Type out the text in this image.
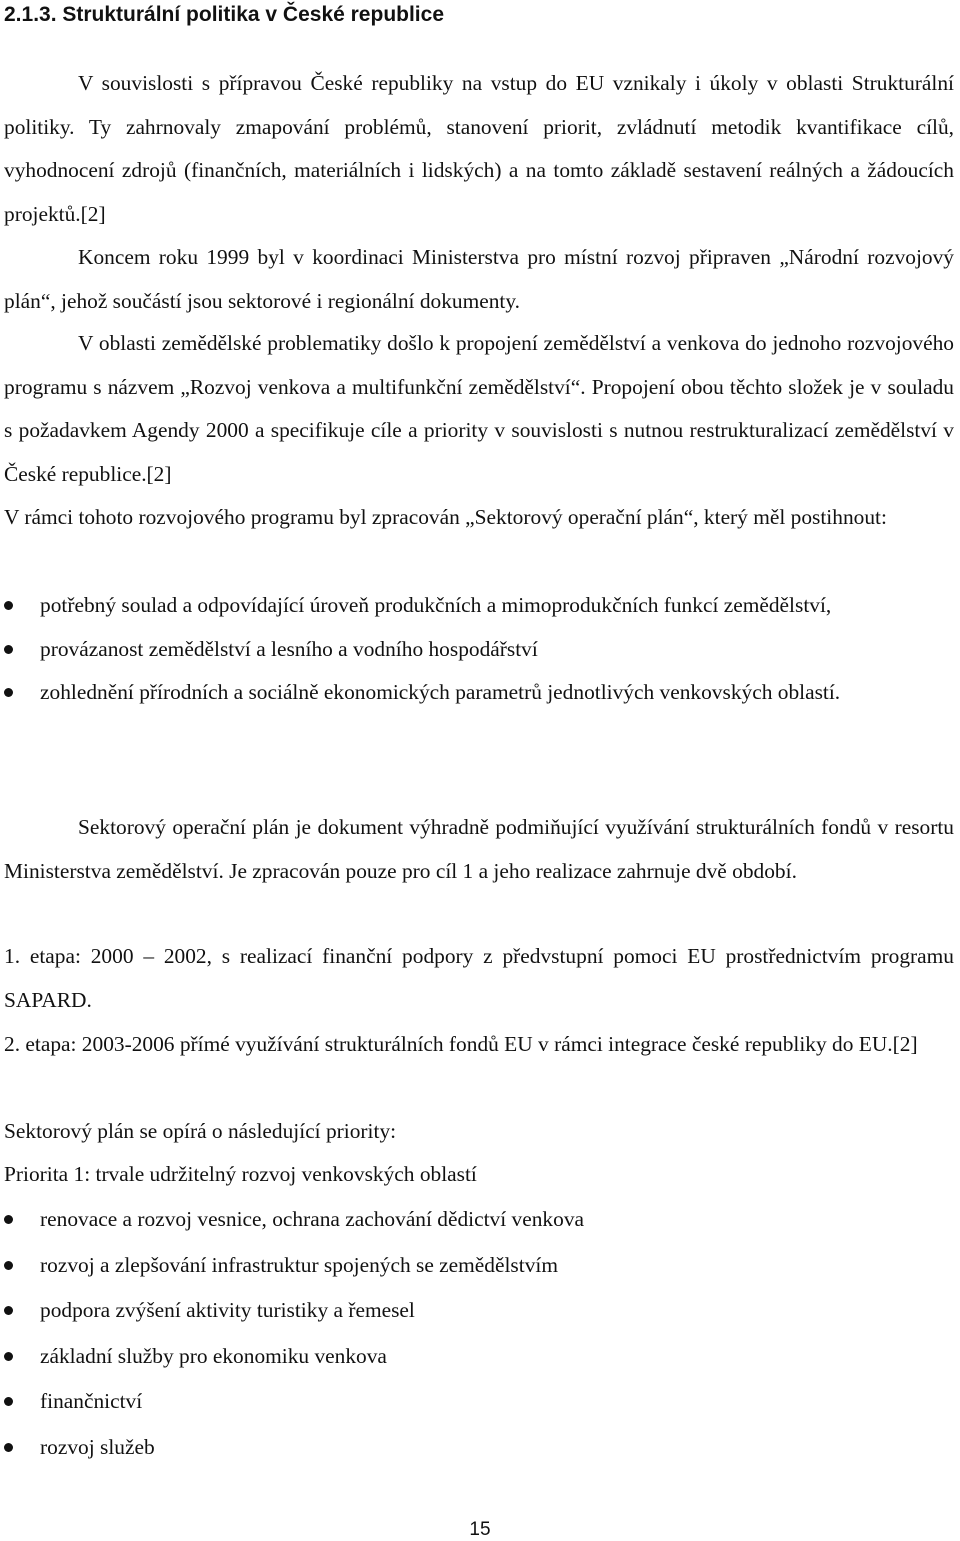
2.1.3. Strukturální politika v České republice

V souvislosti s přípravou České republiky na vstup do EU vznikaly i úkoly v oblasti Strukturální politiky. Ty zahrnovaly zmapování problémů, stanovení priorit, zvládnutí metodik kvantifikace cílů, vyhodnocení zdrojů (finančních, materiálních i lidských) a na tomto základě sestavení reálných a žádoucích projektů.[2]

Koncem roku 1999 byl v koordinaci Ministerstva pro místní rozvoj připraven „Národní rozvojový plán“, jehož součástí jsou sektorové i regionální dokumenty.

V oblasti zemědělské problematiky došlo k propojení zemědělství a venkova do jednoho rozvojového programu s názvem „Rozvoj venkova a multifunkční zemědělství“. Propojení obou těchto složek je v souladu s požadavkem Agendy 2000 a specifikuje cíle a priority v souvislosti s nutnou restrukturalizací zemědělství v České republice.[2]

V rámci tohoto rozvojového programu byl zpracován „Sektorový operační plán“, který měl postihnout:

potřebný soulad a odpovídající úroveň produkčních a mimoprodukčních funkcí zemědělství,
provázanost zemědělství a lesního a vodního hospodářství
zohlednění přírodních a sociálně ekonomických parametrů jednotlivých venkovských oblastí.

Sektorový operační plán je dokument výhradně podmiňující využívání strukturálních fondů v resortu Ministerstva zemědělství. Je zpracován pouze pro cíl 1 a jeho realizace zahrnuje dvě období.

1. etapa: 2000 – 2002, s realizací finanční podpory z předvstupní pomoci EU prostřednictvím programu SAPARD.

2. etapa: 2003-2006 přímé využívání strukturálních fondů EU v rámci integrace české republiky do EU.[2]

Sektorový plán se opírá o následující priority:

Priorita 1: trvale udržitelný rozvoj venkovských oblastí

renovace a rozvoj vesnice, ochrana zachování dědictví venkova
rozvoj a zlepšování infrastruktur spojených se zemědělstvím
podpora zvýšení aktivity turistiky a řemesel
základní služby pro ekonomiku venkova
finančnictví
rozvoj služeb

15
